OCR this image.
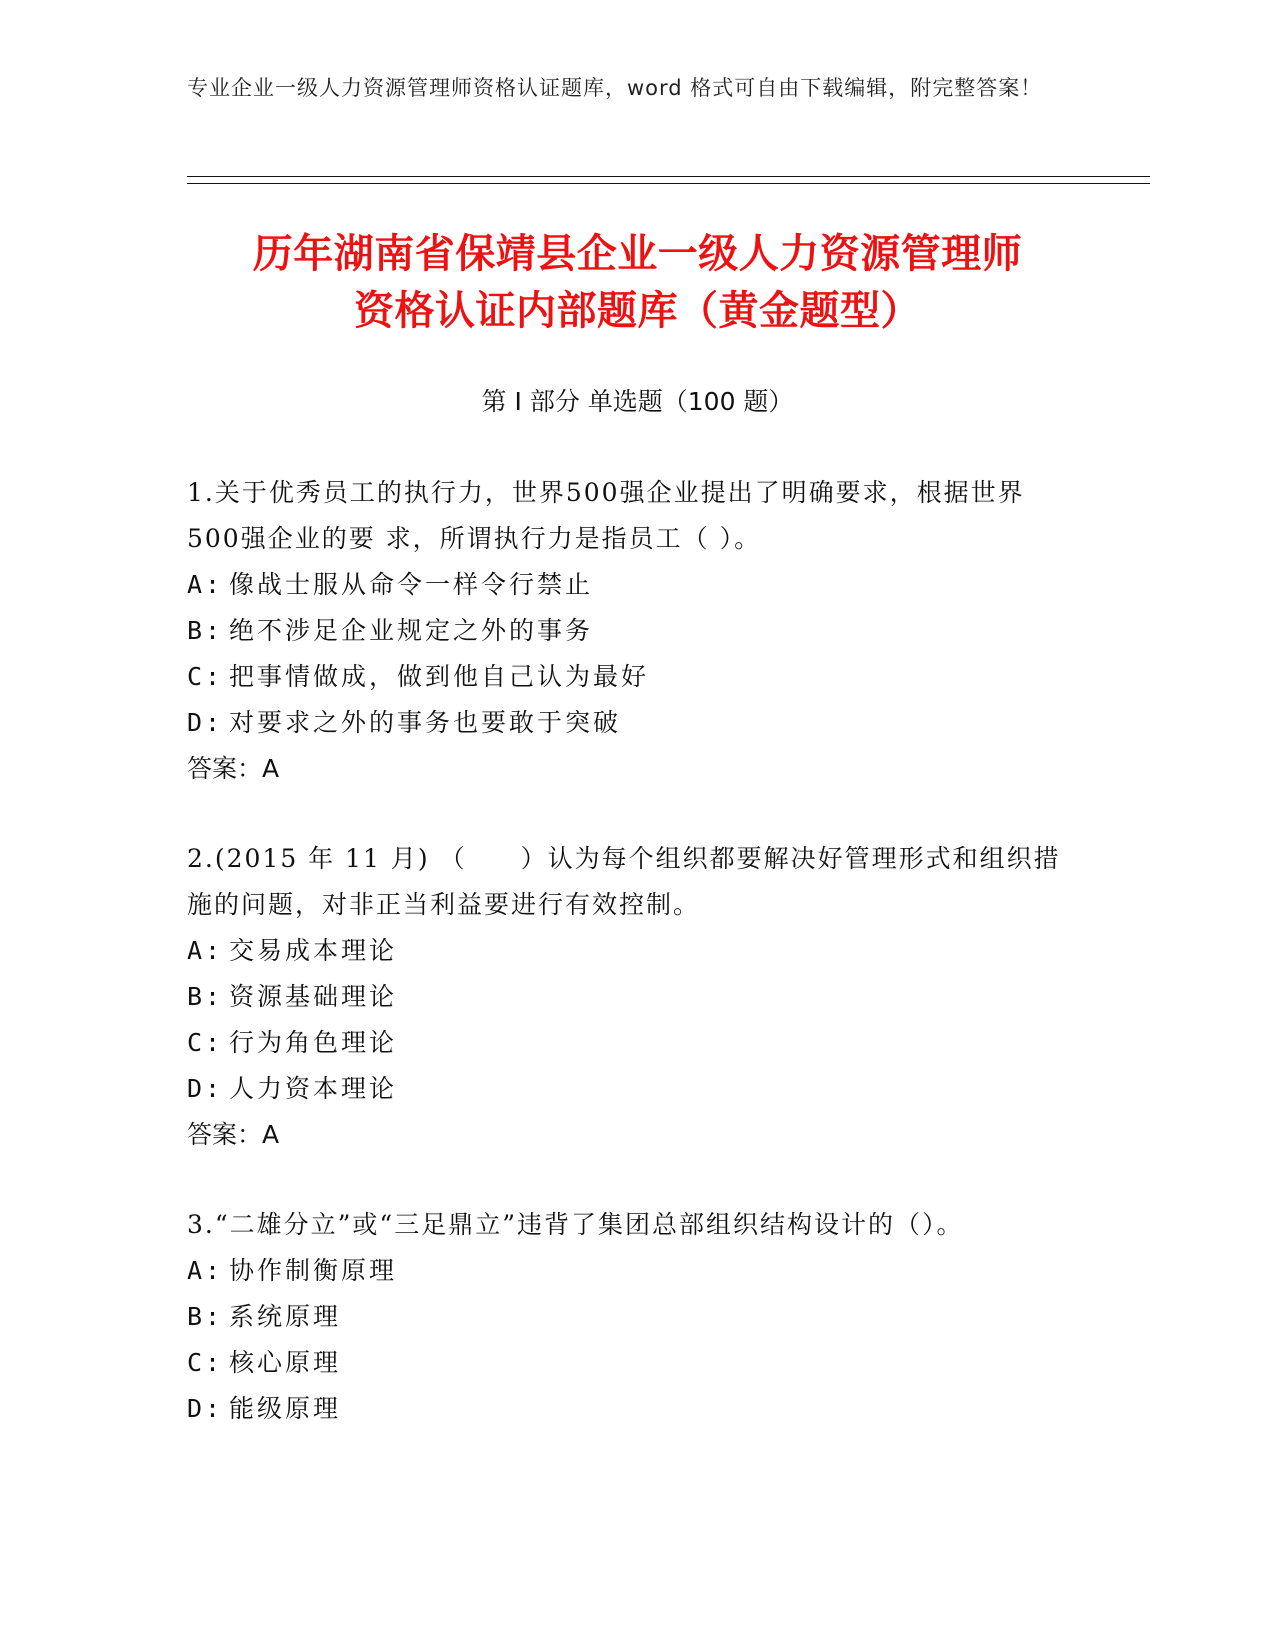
专业企业一级人力资源管理师资格认证题库，word 格式可自由下载编辑，附完整答案！
历年湖南省保靖县企业一级人力资源管理师
资格认证内部题库（黄金题型）
第 I 部分 单选题（100 题）

1.关于优秀员工的执行力，世界500强企业提出了明确要求，根据世界500强企业的要 求，所谓执行力是指员工（ ）。

A: 像战士服从命令一样令行禁止
B: 绝不涉足企业规定之外的事务
C: 把事情做成，做到他自己认为最好
D: 对要求之外的事务也要敢于突破
答案：A

2.(2015 年 11 月) （　　）认为每个组织都要解决好管理形式和组织措施的问题，对非正当利益要进行有效控制。

A: 交易成本理论
B: 资源基础理论
C: 行为角色理论
D: 人力资本理论
答案：A

3.“二雄分立”或“三足鼎立”违背了集团总部组织结构设计的（）。

A: 协作制衡原理
B: 系统原理
C: 核心原理
D: 能级原理
